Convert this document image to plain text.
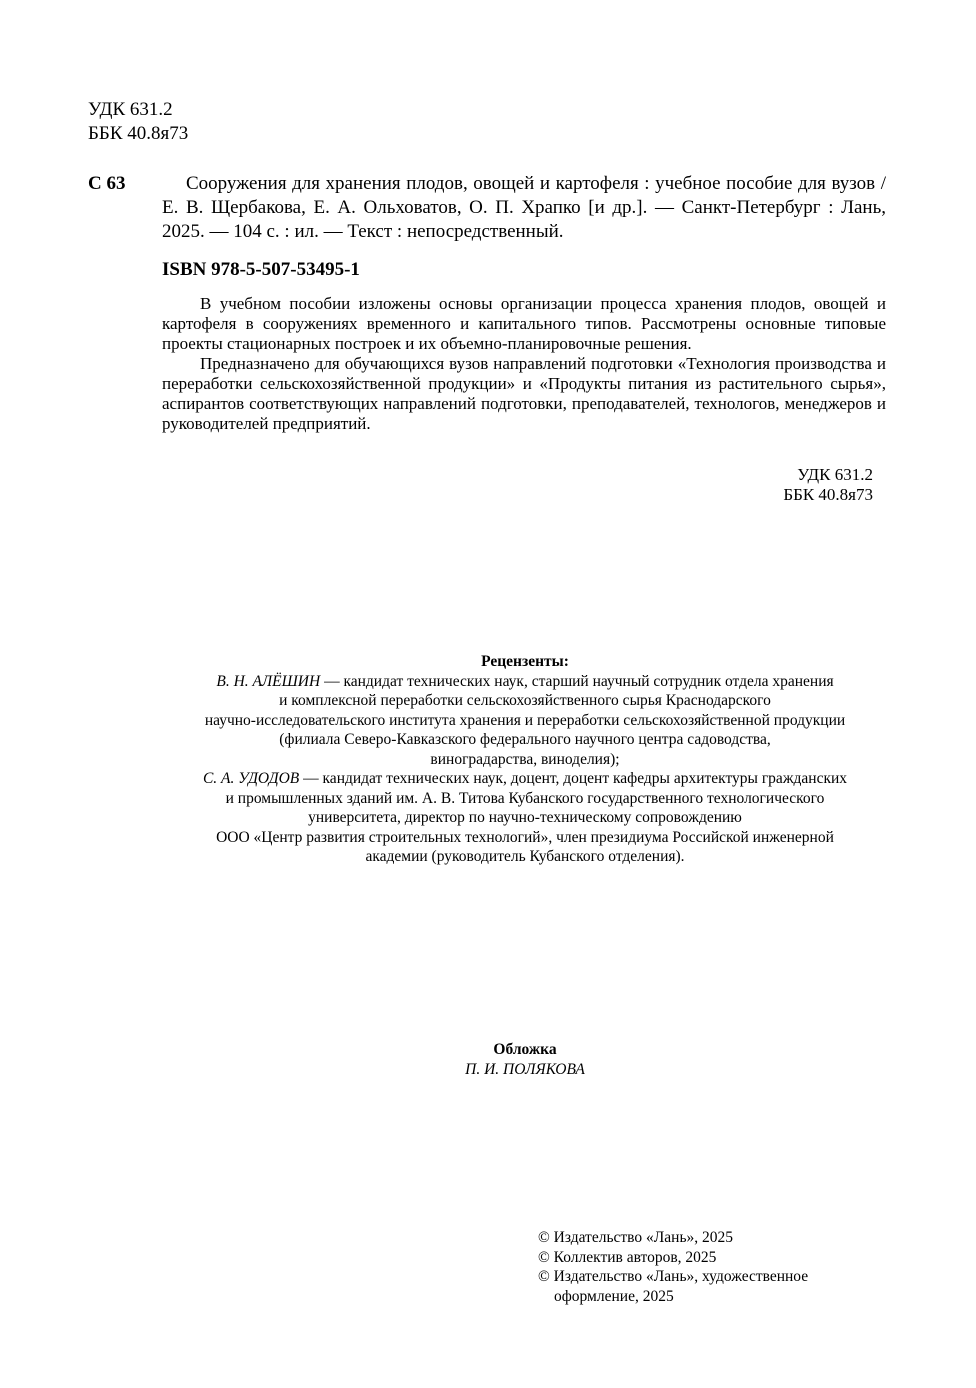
УДК 631.2
ББК 40.8я73
С 63	Сооружения для хранения плодов, овощей и картофеля : учебное пособие для вузов / Е. В. Щербакова, Е. А. Ольховатов, О. П. Храпко [и др.]. — Санкт-Петербург : Лань, 2025. — 104 с. : ил. — Текст : непосредственный.
ISBN 978-5-507-53495-1

В учебном пособии изложены основы организации процесса хранения плодов, овощей и картофеля в сооружениях временного и капитального типов. Рассмотрены основные типовые проекты стационарных построек и их объемно-планировочные решения.

Предназначено для обучающихся вузов направлений подготовки «Технология производства и переработки сельскохозяйственной продукции» и «Продукты питания из растительного сырья», аспирантов соответствующих направлений подготовки, преподавателей, технологов, менеджеров и руководителей предприятий.

УДК 631.2
ББК 40.8я73
Рецензенты:
В. Н. АЛЁШИН — кандидат технических наук, старший научный сотрудник отдела хранения
и комплексной переработки сельскохозяйственного сырья Краснодарского
научно-исследовательского института хранения и переработки сельскохозяйственной продукции
(филиала Северо-Кавказского федерального научного центра садоводства,
виноградарства, виноделия);
С. А. УДОДОВ — кандидат технических наук, доцент, доцент кафедры архитектуры гражданских
и промышленных зданий им. А. В. Титова Кубанского государственного технологического
университета, директор по научно-техническому сопровождению
ООО «Центр развития строительных технологий», член президиума Российской инженерной
академии (руководитель Кубанского отделения).
Обложка
П. И. ПОЛЯКОВА
© Издательство «Лань», 2025
© Коллектив авторов, 2025
© Издательство «Лань», художественное оформление, 2025
